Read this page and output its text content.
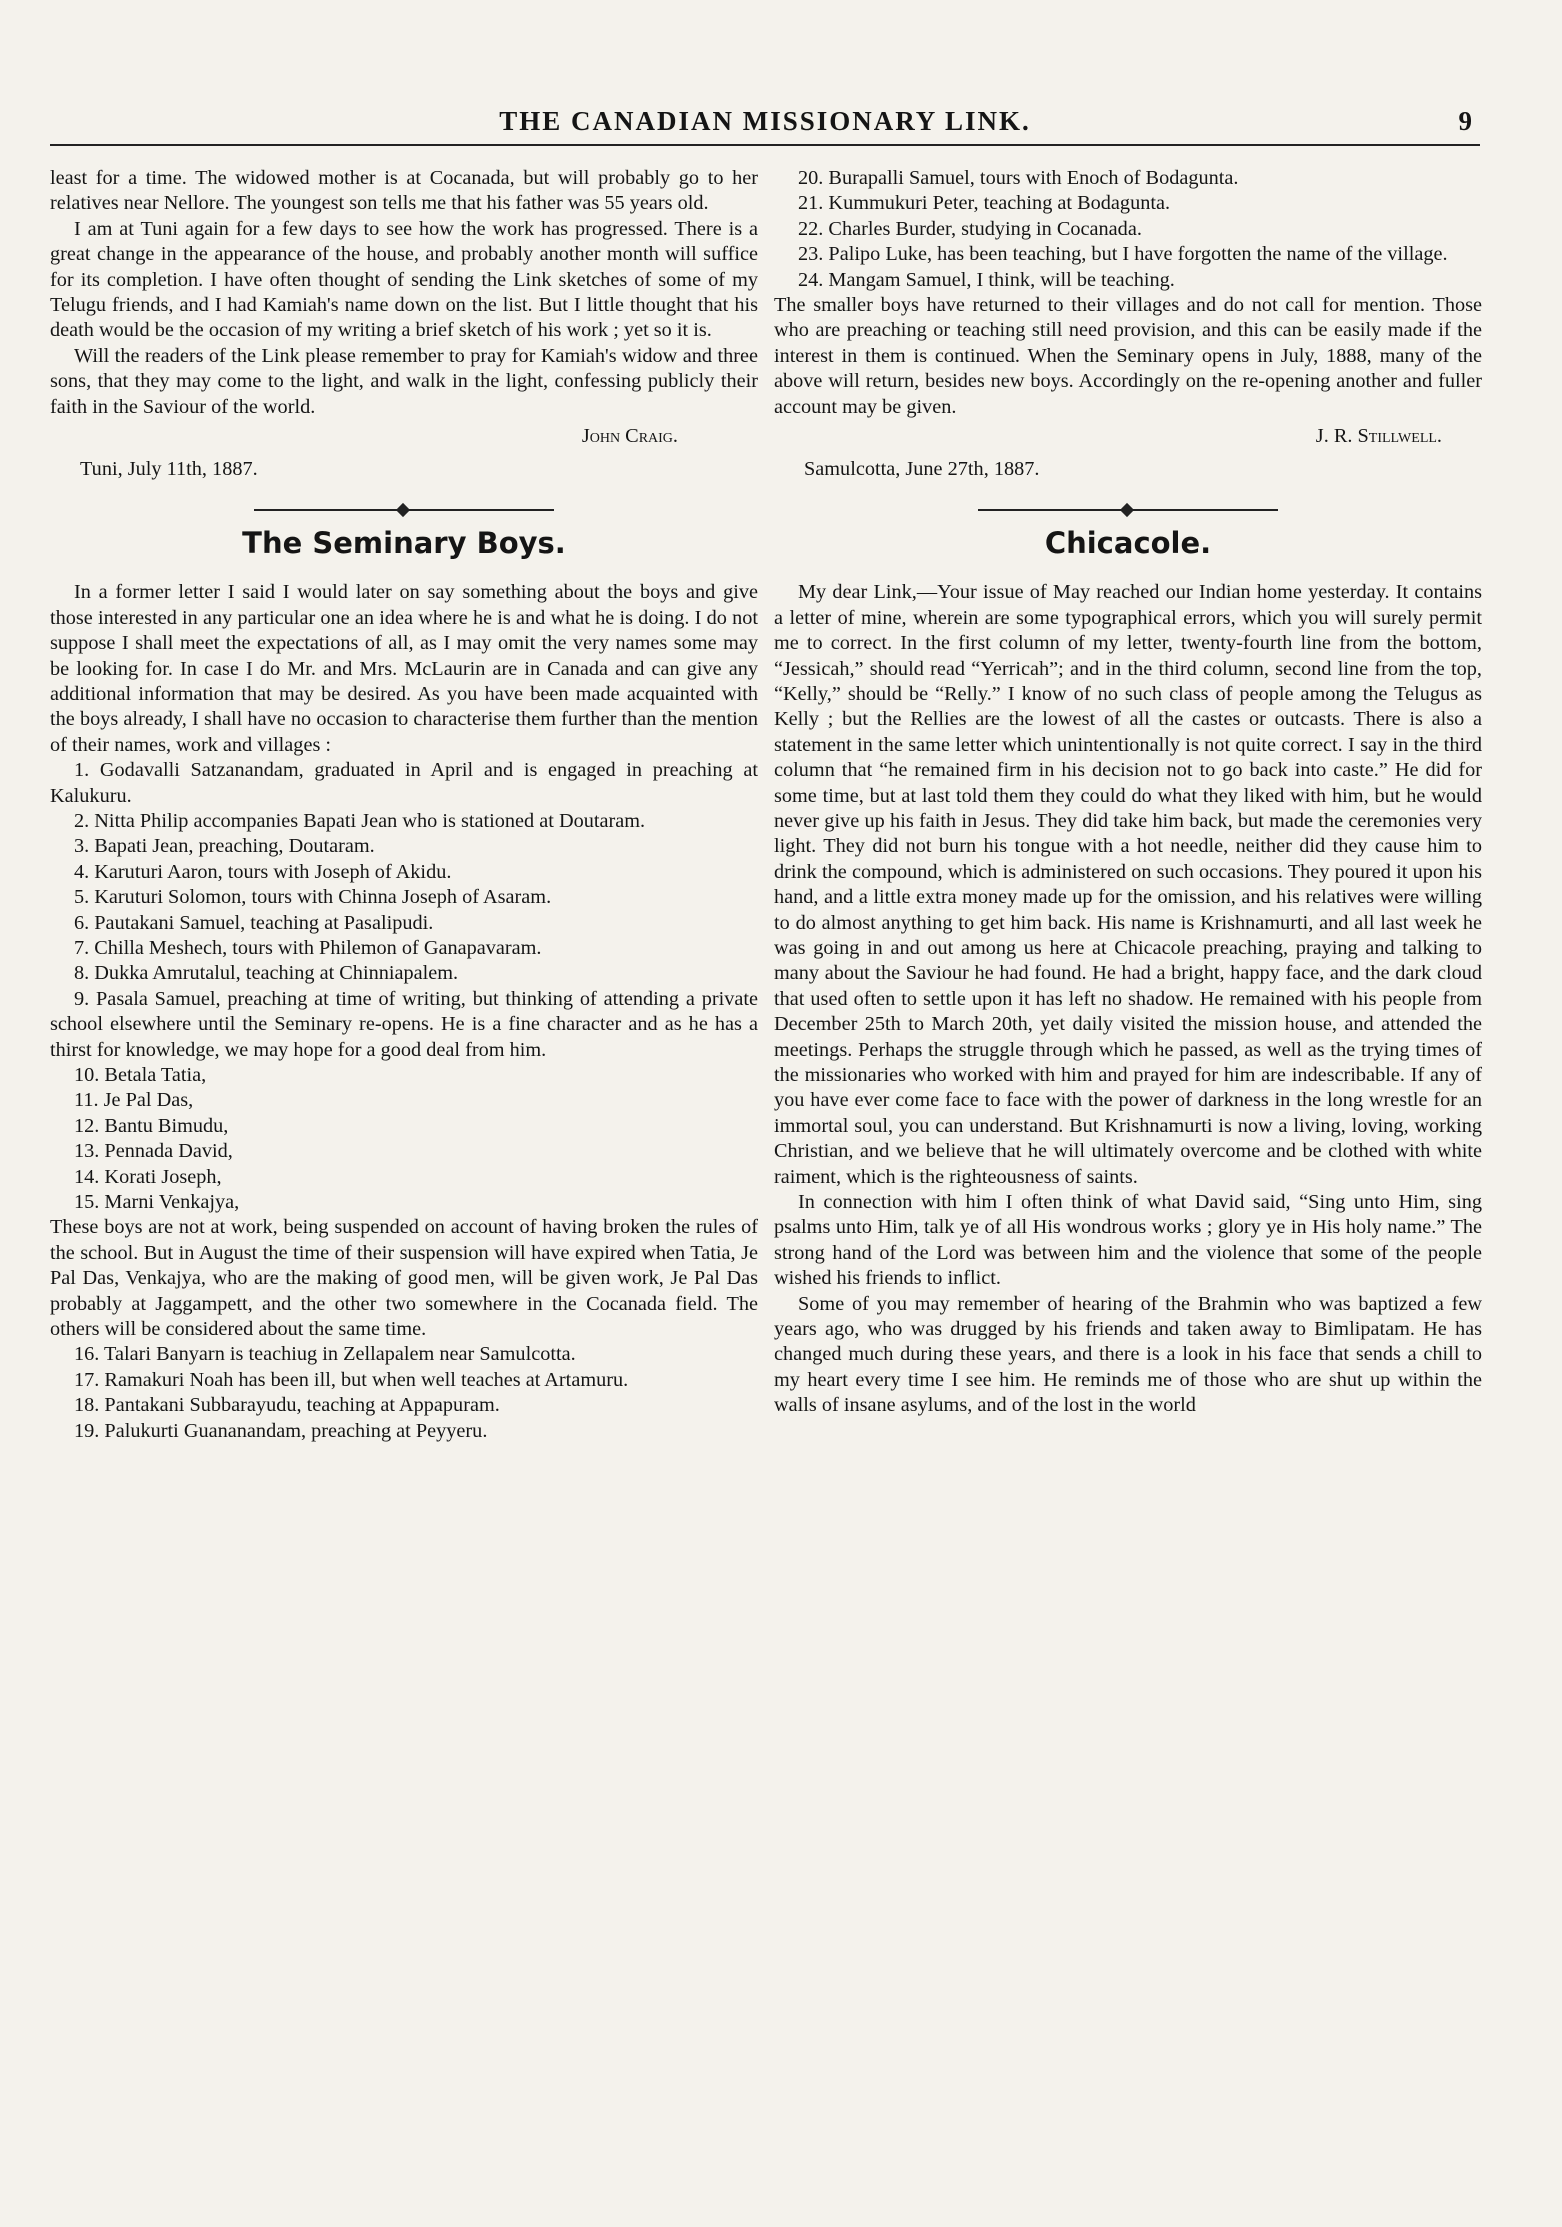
THE CANADIAN MISSIONARY LINK.	9

least for a time. The widowed mother is at Cocanada, but will probably go to her relatives near Nellore. The youngest son tells me that his father was 55 years old.

I am at Tuni again for a few days to see how the work has progressed. There is a great change in the appearance of the house, and probably another month will suffice for its completion. I have often thought of sending the Link sketches of some of my Telugu friends, and I had Kamiah's name down on the list. But I little thought that his death would be the occasion of my writing a brief sketch of his work ; yet so it is.

Will the readers of the Link please remember to pray for Kamiah's widow and three sons, that they may come to the light, and walk in the light, confessing publicly their faith in the Saviour of the world.

John Craig.
Tuni, July 11th, 1887.
The Seminary Boys.

In a former letter I said I would later on say something about the boys and give those interested in any particular one an idea where he is and what he is doing. I do not suppose I shall meet the expectations of all, as I may omit the very names some may be looking for. In case I do Mr. and Mrs. McLaurin are in Canada and can give any additional information that may be desired. As you have been made acquainted with the boys already, I shall have no occasion to characterise them further than the mention of their names, work and villages :

1. Godavalli Satzanandam, graduated in April and is engaged in preaching at Kalukuru.
2. Nitta Philip accompanies Bapati Jean who is stationed at Doutaram.
3. Bapati Jean, preaching, Doutaram.
4. Karuturi Aaron, tours with Joseph of Akidu.
5. Karuturi Solomon, tours with Chinna Joseph of Asaram.
6. Pautakani Samuel, teaching at Pasalipudi.
7. Chilla Meshech, tours with Philemon of Ganapavaram.
8. Dukka Amrutalul, teaching at Chinniapalem.
9. Pasala Samuel, preaching at time of writing, but thinking of attending a private school elsewhere until the Seminary re-opens. He is a fine character and as he has a thirst for knowledge, we may hope for a good deal from him.
10. Betala Tatia,
11. Je Pal Das,
12. Bantu Bimudu,
13. Pennada David,
14. Korati Joseph,
15. Marni Venkajya,

These boys are not at work, being suspended on account of having broken the rules of the school. But in August the time of their suspension will have expired when Tatia, Je Pal Das, Venkajya, who are the making of good men, will be given work, Je Pal Das probably at Jaggampett, and the other two somewhere in the Cocanada field. The others will be considered about the same time.

16. Talari Banyarn is teachiug in Zellapalem near Samulcotta.
17. Ramakuri Noah has been ill, but when well teaches at Artamuru.
18. Pantakani Subbarayudu, teaching at Appapuram.
19. Palukurti Guananandam, preaching at Peyyeru.
20. Burapalli Samuel, tours with Enoch of Bodagunta.
21. Kummukuri Peter, teaching at Bodagunta.
22. Charles Burder, studying in Cocanada.
23. Palipo Luke, has been teaching, but I have forgotten the name of the village.
24. Mangam Samuel, I think, will be teaching.

The smaller boys have returned to their villages and do not call for mention. Those who are preaching or teaching still need provision, and this can be easily made if the interest in them is continued. When the Seminary opens in July, 1888, many of the above will return, besides new boys. Accordingly on the re-opening another and fuller account may be given.

J. R. Stillwell.
Samulcotta, June 27th, 1887.
Chicacole.

My dear Link,—Your issue of May reached our Indian home yesterday. It contains a letter of mine, wherein are some typographical errors, which you will surely permit me to correct. In the first column of my letter, twenty-fourth line from the bottom, “Jessicah,” should read “Yerricah”; and in the third column, second line from the top, “Kelly,” should be “Relly.” I know of no such class of people among the Telugus as Kelly ; but the Rellies are the lowest of all the castes or outcasts. There is also a statement in the same letter which unintentionally is not quite correct. I say in the third column that “he remained firm in his decision not to go back into caste.” He did for some time, but at last told them they could do what they liked with him, but he would never give up his faith in Jesus. They did take him back, but made the ceremonies very light. They did not burn his tongue with a hot needle, neither did they cause him to drink the compound, which is administered on such occasions. They poured it upon his hand, and a little extra money made up for the omission, and his relatives were willing to do almost anything to get him back. His name is Krishnamurti, and all last week he was going in and out among us here at Chicacole preaching, praying and talking to many about the Saviour he had found. He had a bright, happy face, and the dark cloud that used often to settle upon it has left no shadow. He remained with his people from December 25th to March 20th, yet daily visited the mission house, and attended the meetings. Perhaps the struggle through which he passed, as well as the trying times of the missionaries who worked with him and prayed for him are indescribable. If any of you have ever come face to face with the power of darkness in the long wrestle for an immortal soul, you can understand. But Krishnamurti is now a living, loving, working Christian, and we believe that he will ultimately overcome and be clothed with white raiment, which is the righteousness of saints.

In connection with him I often think of what David said, “Sing unto Him, sing psalms unto Him, talk ye of all His wondrous works ; glory ye in His holy name.” The strong hand of the Lord was between him and the violence that some of the people wished his friends to inflict.

Some of you may remember of hearing of the Brahmin who was baptized a few years ago, who was drugged by his friends and taken away to Bimlipatam. He has changed much during these years, and there is a look in his face that sends a chill to my heart every time I see him. He reminds me of those who are shut up within the walls of insane asylums, and of the lost in the world
